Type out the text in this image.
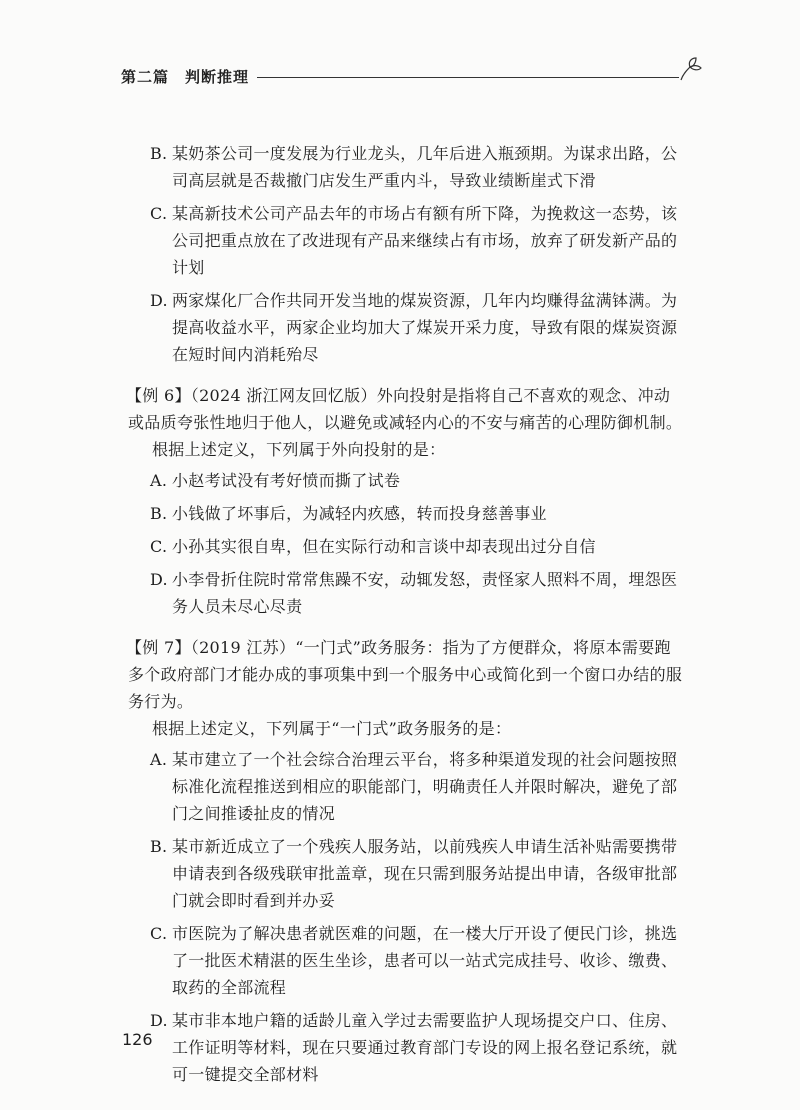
第二篇　判断推理
B. 某奶茶公司一度发展为行业龙头，几年后进入瓶颈期。为谋求出路，公司高层就是否裁撤门店发生严重内斗，导致业绩断崖式下滑
C. 某高新技术公司产品去年的市场占有额有所下降，为挽救这一态势，该公司把重点放在了改进现有产品来继续占有市场，放弃了研发新产品的计划
D. 两家煤化厂合作共同开发当地的煤炭资源，几年内均赚得盆满钵满。为提高收益水平，两家企业均加大了煤炭开采力度，导致有限的煤炭资源在短时间内消耗殆尽
【例 6】（2024 浙江网友回忆版）外向投射是指将自己不喜欢的观念、冲动或品质夸张性地归于他人，以避免或减轻内心的不安与痛苦的心理防御机制。
根据上述定义，下列属于外向投射的是：
A. 小赵考试没有考好愤而撕了试卷
B. 小钱做了坏事后，为减轻内疚感，转而投身慈善事业
C. 小孙其实很自卑，但在实际行动和言谈中却表现出过分自信
D. 小李骨折住院时常常焦躁不安，动辄发怒，责怪家人照料不周，埋怨医务人员未尽心尽责
【例 7】（2019 江苏）“一门式”政务服务：指为了方便群众，将原本需要跑多个政府部门才能办成的事项集中到一个服务中心或简化到一个窗口办结的服务行为。
根据上述定义，下列属于“一门式”政务服务的是：
A. 某市建立了一个社会综合治理云平台，将多种渠道发现的社会问题按照标准化流程推送到相应的职能部门，明确责任人并限时解决，避免了部门之间推诿扯皮的情况
B. 某市新近成立了一个残疾人服务站，以前残疾人申请生活补贴需要携带申请表到各级残联审批盖章，现在只需到服务站提出申请，各级审批部门就会即时看到并办妥
C. 市医院为了解决患者就医难的问题，在一楼大厅开设了便民门诊，挑选了一批医术精湛的医生坐诊，患者可以一站式完成挂号、收诊、缴费、取药的全部流程
D. 某市非本地户籍的适龄儿童入学过去需要监护人现场提交户口、住房、工作证明等材料，现在只要通过教育部门专设的网上报名登记系统，就可一键提交全部材料
126
